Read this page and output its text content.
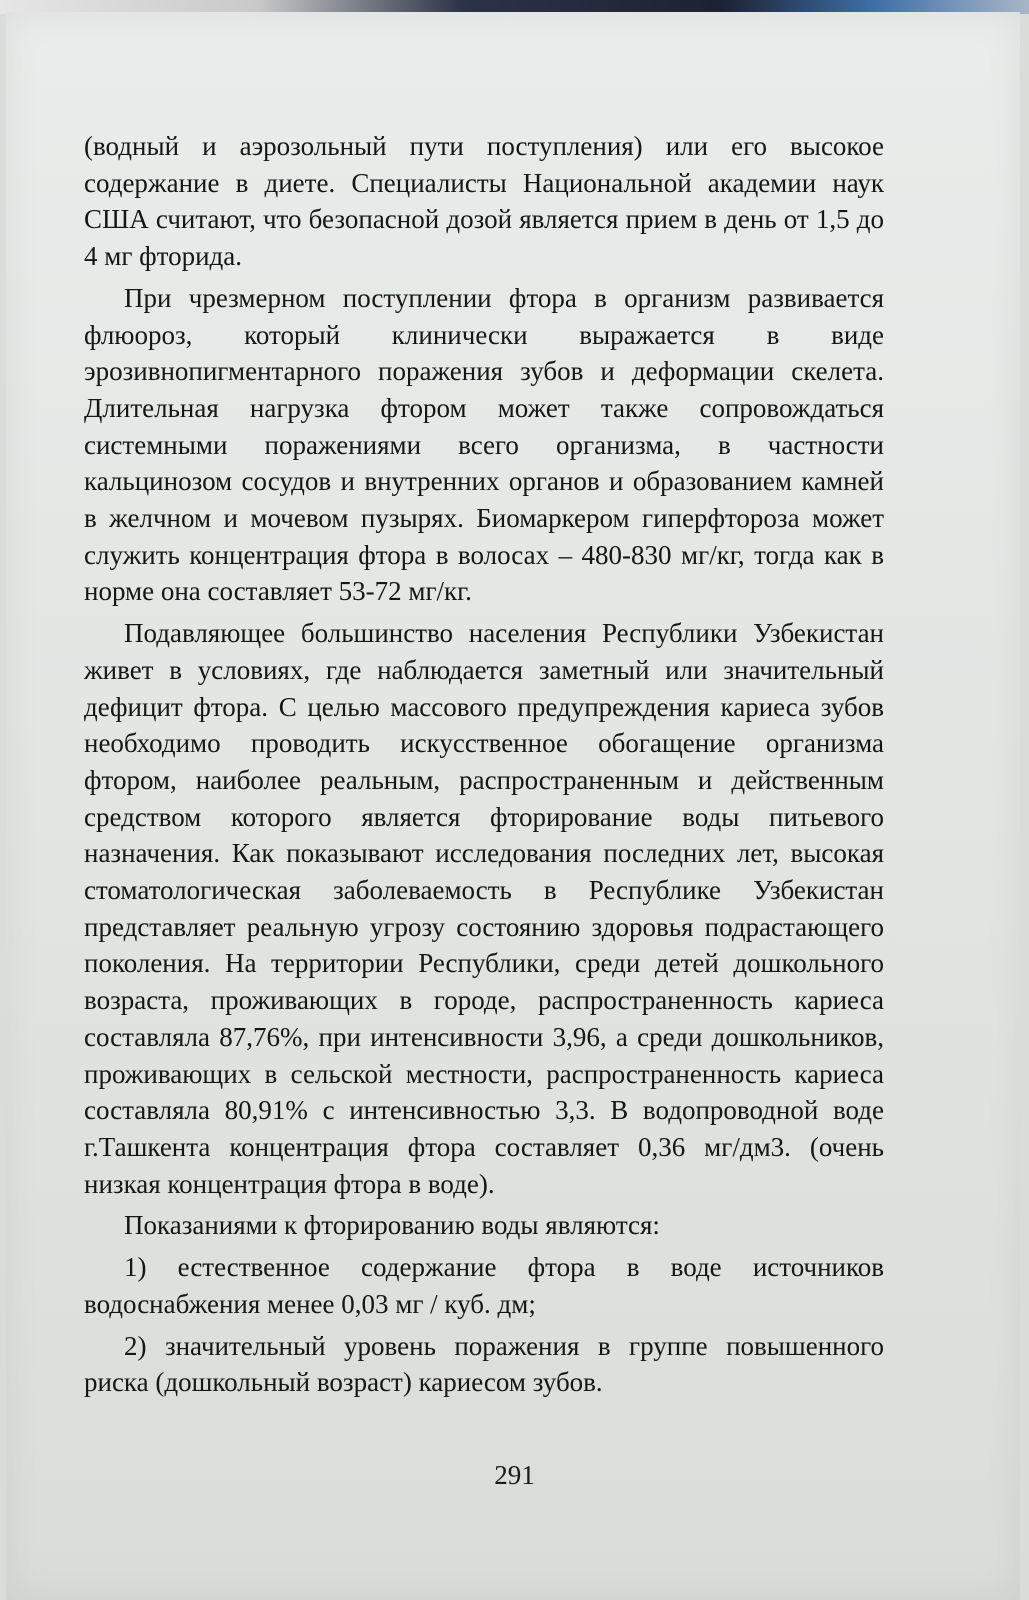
(водный и аэрозольный пути поступления) или его высокое содержание в диете. Специалисты Национальной академии наук США считают, что безопасной дозой является прием в день от 1,5 до 4 мг фторида.

При чрезмерном поступлении фтора в организм развивается флюороз, который клинически выражается в виде эрозивнопигментарного поражения зубов и деформации скелета. Длительная нагрузка фтором может также сопровождаться системными поражениями всего организма, в частности кальцинозом сосудов и внутренних органов и образованием камней в желчном и мочевом пузырях. Биомаркером гиперфтороза может служить концентрация фтора в волосах – 480-830 мг/кг, тогда как в норме она составляет 53-72 мг/кг.

Подавляющее большинство населения Республики Узбекистан живет в условиях, где наблюдается заметный или значительный дефицит фтора. С целью массового предупреждения кариеса зубов необходимо проводить искусственное обогащение организма фтором, наиболее реальным, распространенным и действенным средством которого является фторирование воды питьевого назначения. Как показывают исследования последних лет, высокая стоматологическая заболеваемость в Республике Узбекистан представляет реальную угрозу состоянию здоровья подрастающего поколения. На территории Республики, среди детей дошкольного возраста, проживающих в городе, распространенность кариеса составляла 87,76%, при интенсивности 3,96, а среди дошкольников, проживающих в сельской местности, распространенность кариеса составляла 80,91% с интенсивностью 3,3. В водопроводной воде г.Ташкента концентрация фтора составляет 0,36 мг/дм3. (очень низкая концентрация фтора в воде).

Показаниями к фторированию воды являются:

1) естественное содержание фтора в воде источников водоснабжения менее 0,03 мг / куб. дм;

2) значительный уровень поражения в группе повышенного риска (дошкольный возраст) кариесом зубов.

291
